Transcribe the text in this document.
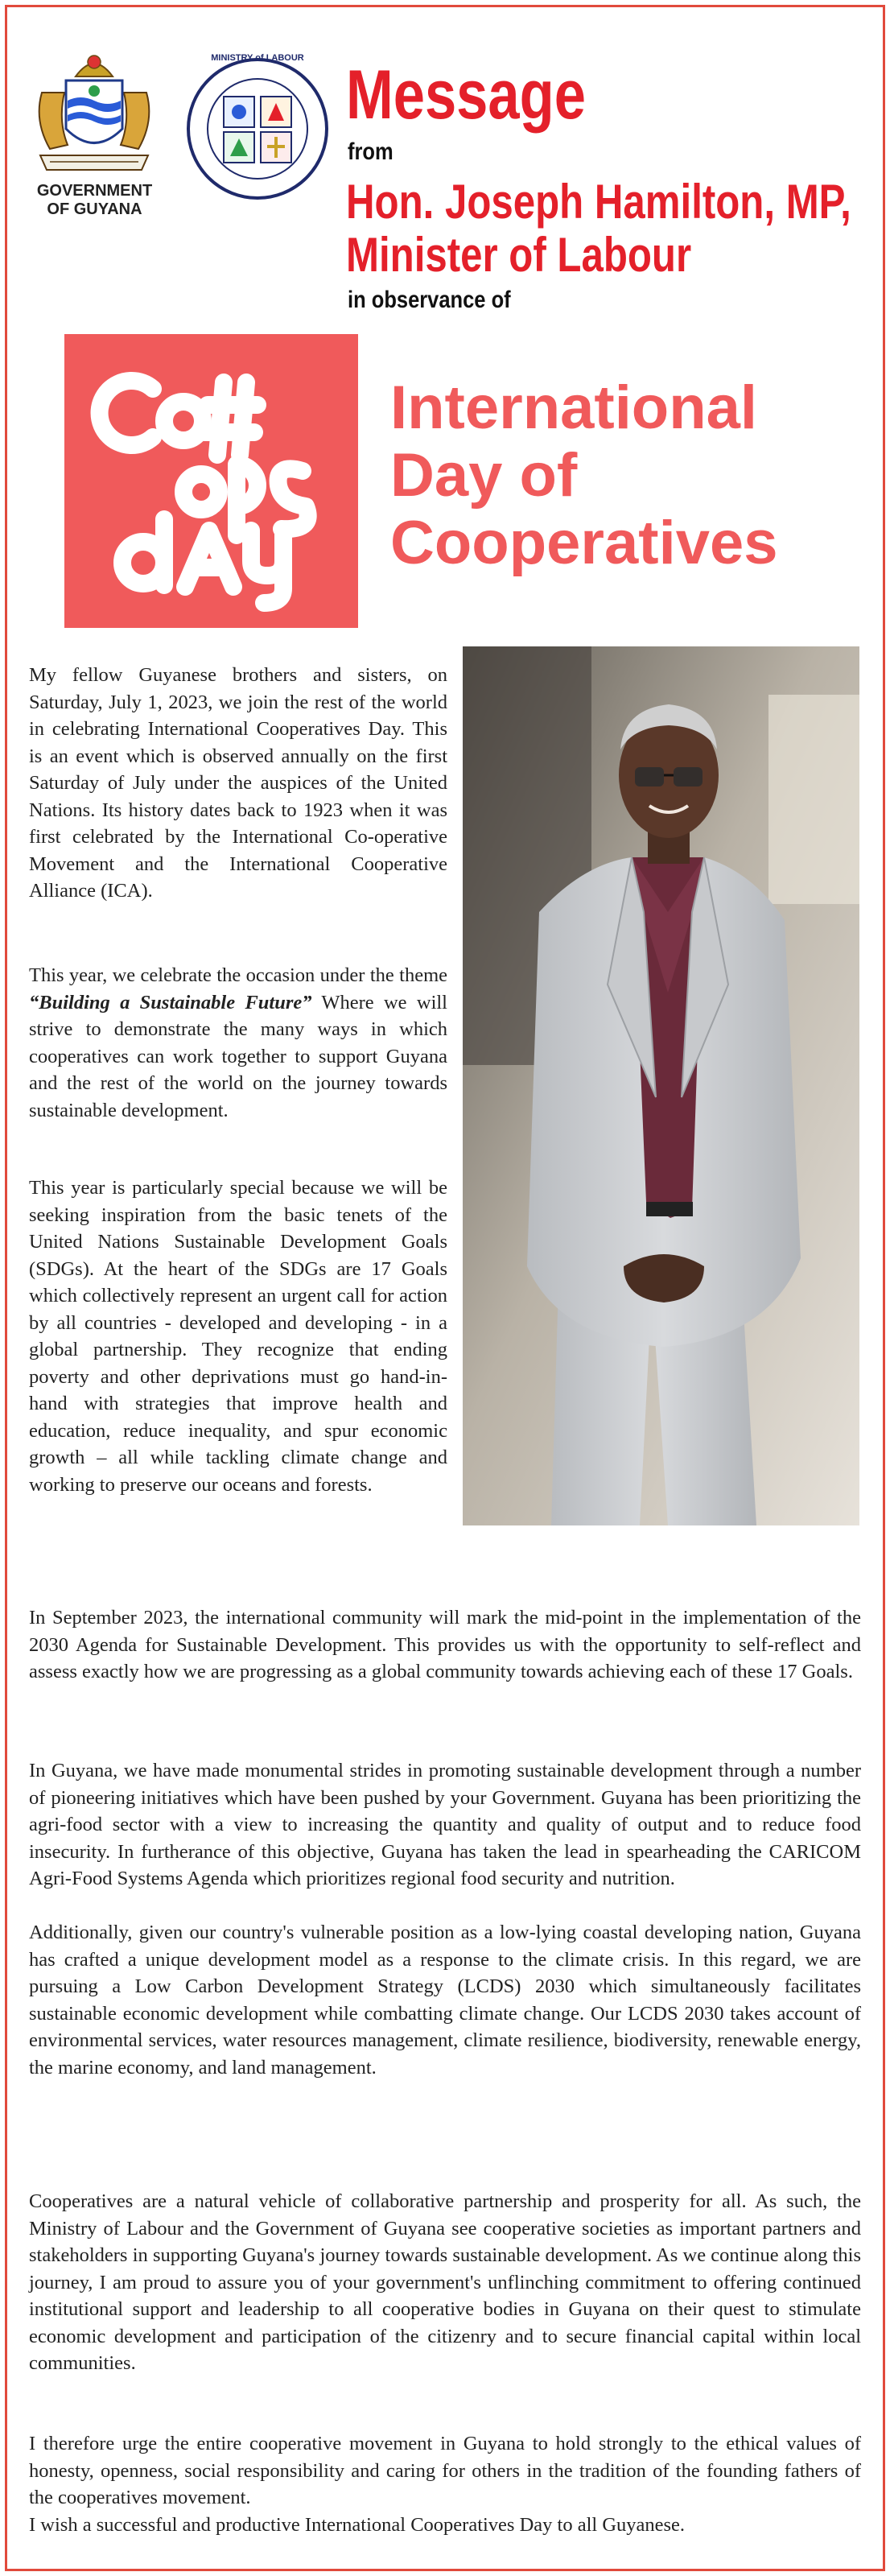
GOVERNMENT
OF GUYANA
MINISTRY of LABOUR Message
from
Hon. Joseph Hamilton, MP,
Minister of Labour
in observance of
International
Day of
Cooperatives

My fellow Guyanese brothers and sisters, on Saturday, July 1, 2023, we join the rest of the world in celebrating International Cooperatives Day. This is an event which is observed annually on the first Saturday of July under the auspices of the United Nations. Its history dates back to 1923 when it was first celebrated by the International Co-operative Movement and the International Cooperative Alliance (ICA).

This year, we celebrate the occasion under the theme “Building a Sustainable Future” Where we will strive to demonstrate the many ways in which cooperatives can work together to support Guyana and the rest of the world on the journey towards sustainable development.

This year is particularly special because we will be seeking inspiration from the basic tenets of the United Nations Sustainable Development Goals (SDGs). At the heart of the SDGs are 17 Goals which collectively represent an urgent call for action by all countries - developed and developing - in a global partnership. They recognize that ending poverty and other deprivations must go hand-in-hand with strategies that improve health and education, reduce inequality, and spur economic growth – all while tackling climate change and working to preserve our oceans and forests.

In September 2023, the international community will mark the mid-point in the implementation of the 2030 Agenda for Sustainable Development. This provides us with the opportunity to self-reflect and assess exactly how we are progressing as a global community towards achieving each of these 17 Goals.

In Guyana, we have made monumental strides in promoting sustainable development through a number of pioneering initiatives which have been pushed by your Government. Guyana has been prioritizing the agri-food sector with a view to increasing the quantity and quality of output and to reduce food insecurity. In furtherance of this objective, Guyana has taken the lead in spearheading the CARICOM Agri-Food Systems Agenda which prioritizes regional food security and nutrition.

Additionally, given our country's vulnerable position as a low-lying coastal developing nation, Guyana has crafted a unique development model as a response to the climate crisis. In this regard, we are pursuing a Low Carbon Development Strategy (LCDS) 2030 which simultaneously facilitates sustainable economic development while combatting climate change. Our LCDS 2030 takes account of environmental services, water resources management, climate resilience, biodiversity, renewable energy, the marine economy, and land management.

Cooperatives are a natural vehicle of collaborative partnership and prosperity for all. As such, the Ministry of Labour and the Government of Guyana see cooperative societies as important partners and stakeholders in supporting Guyana's journey towards sustainable development. As we continue along this journey, I am proud to assure you of your government's unflinching commitment to offering continued institutional support and leadership to all cooperative bodies in Guyana on their quest to stimulate economic development and participation of the citizenry and to secure financial capital within local communities.

I therefore urge the entire cooperative movement in Guyana to hold strongly to the ethical values of honesty, openness, social responsibility and caring for others in the tradition of the founding fathers of the cooperatives movement.

I wish a successful and productive International Cooperatives Day to all Guyanese.
